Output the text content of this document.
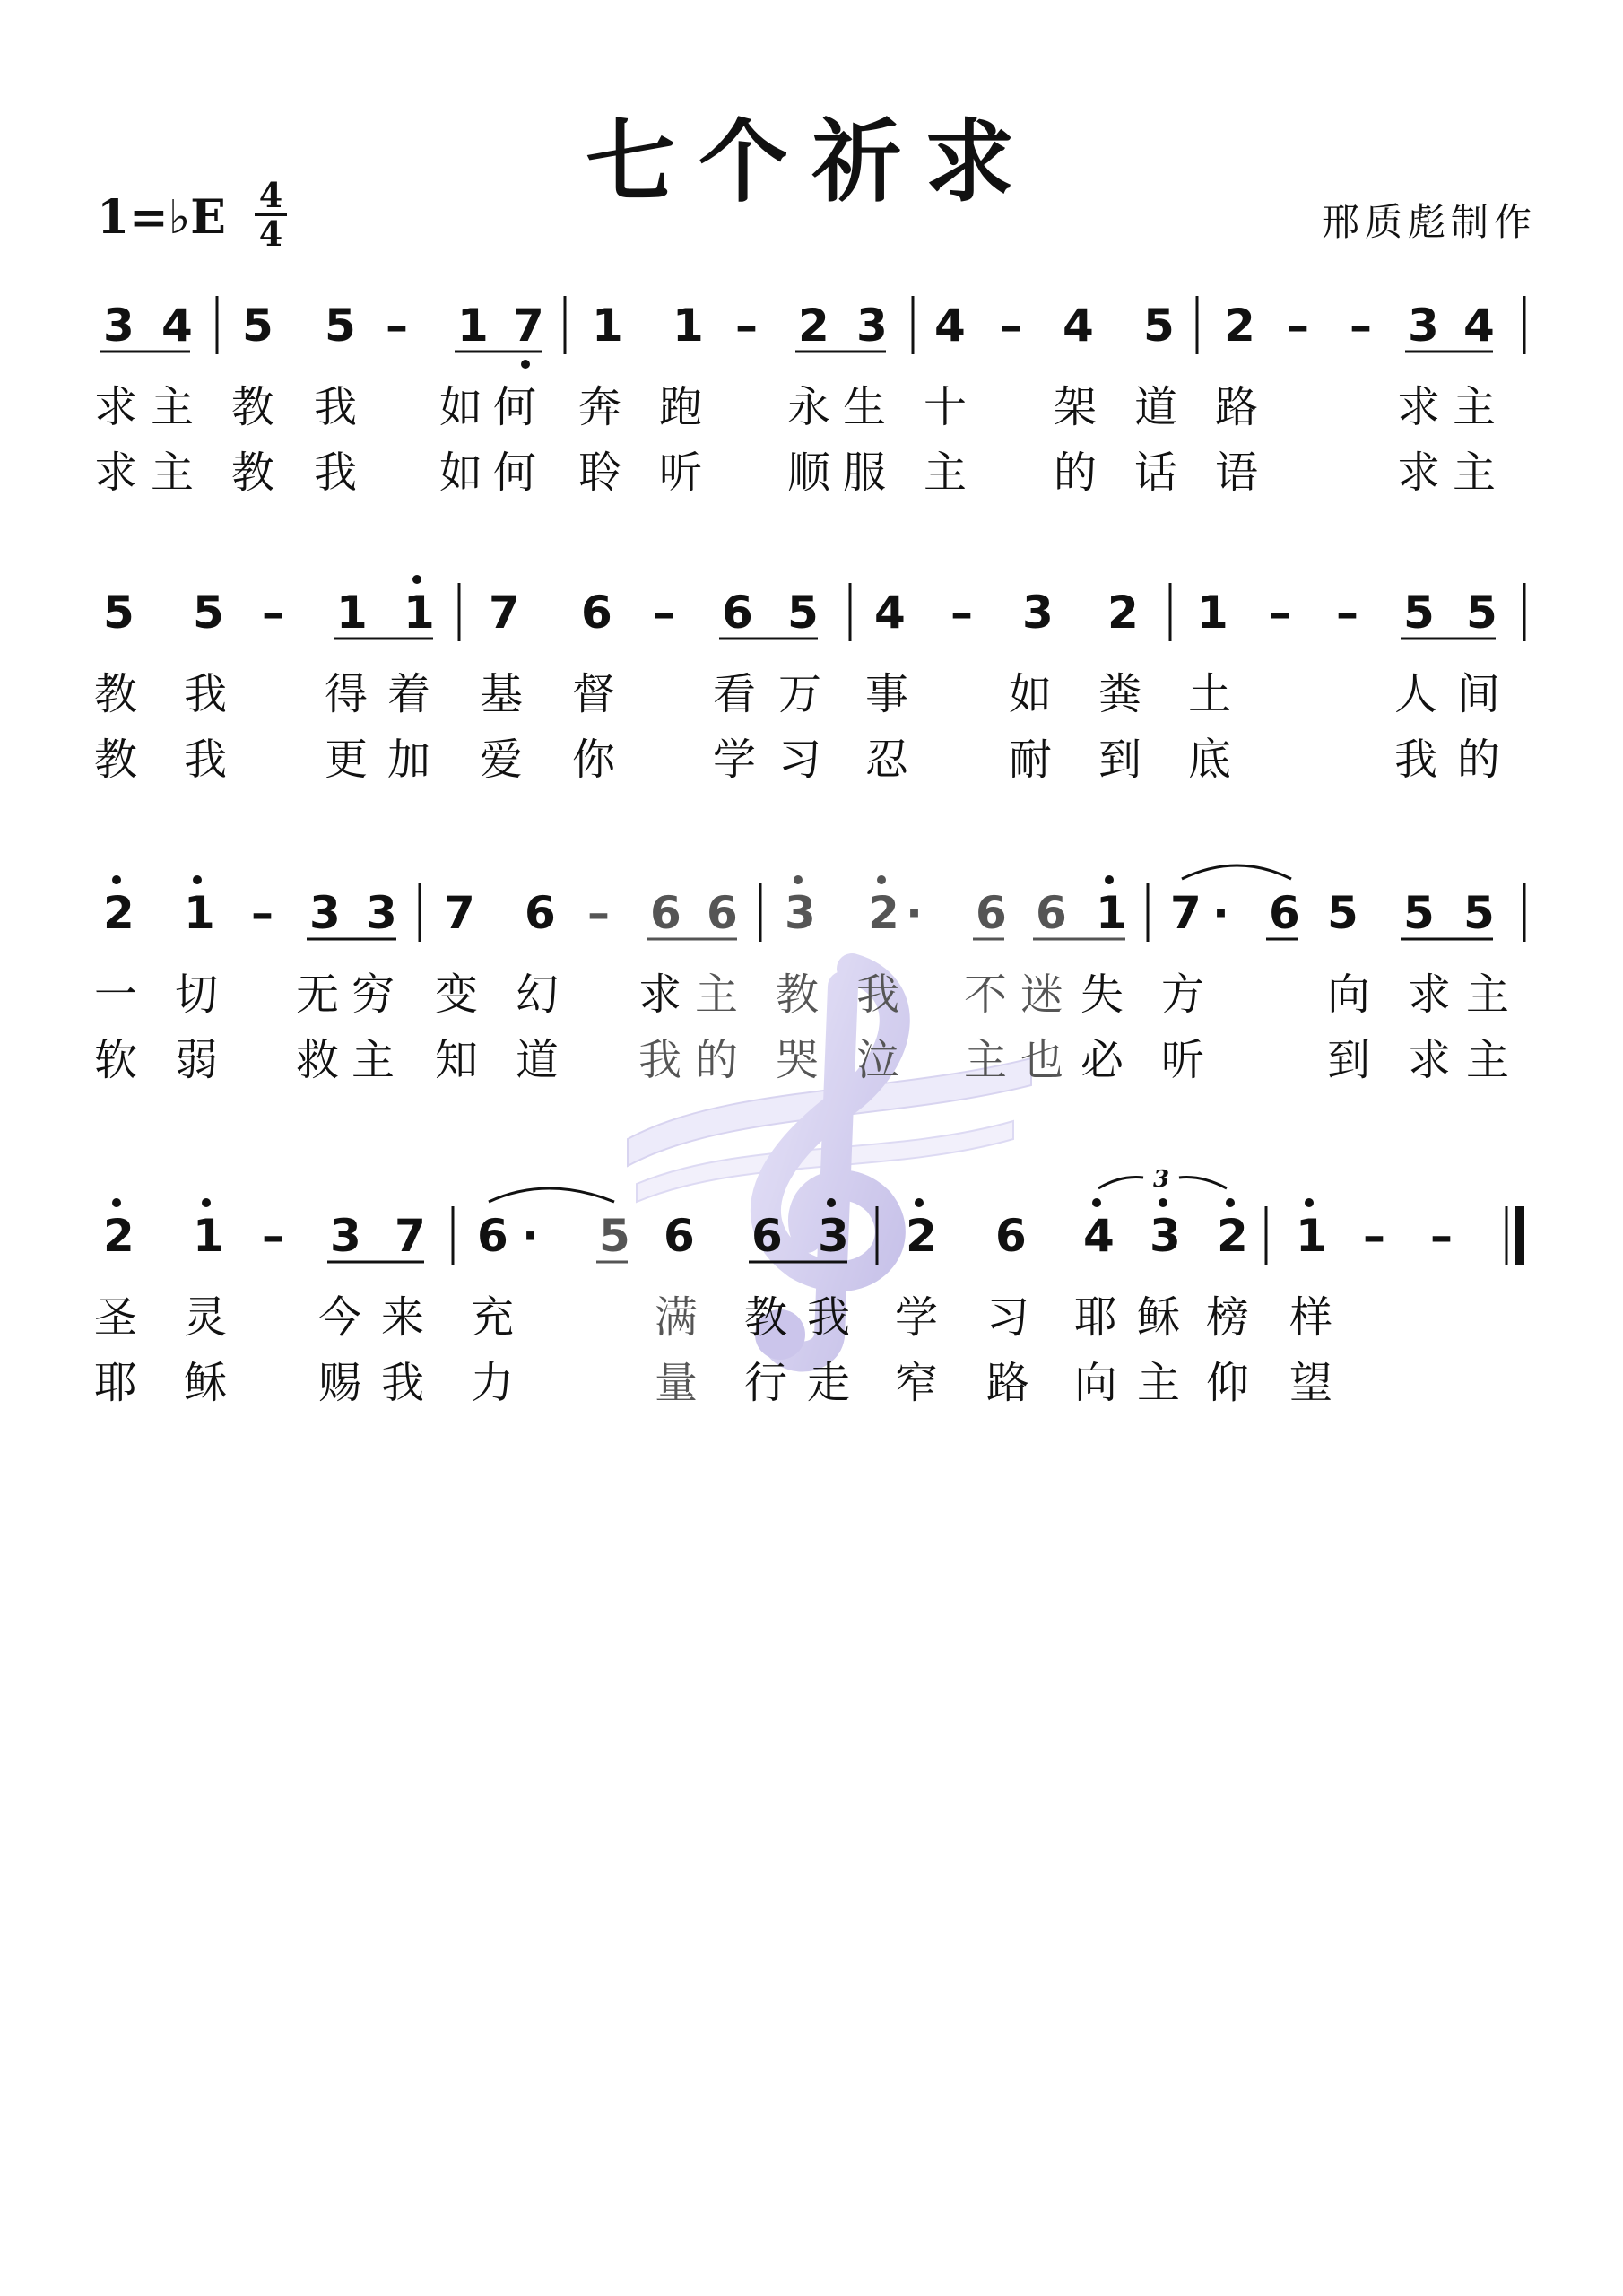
七个祈求
1=♭E 4
4	邢质彪制作
3 4 5 5 – 1 7 1 1 – 2 3 4 – 4 5 2 – – 3 4
求 主 教 我 如 何 奔 跑 永 生 十 架 道 路	求 主
求 主 教 我 如 何 聆 听 顺 服 主 的 话 语	求 主
5 5 – 1 1 7 6 – 6 5 4 – 3 2 1 – – 5 5
教 我 得 着 基 督 看 万 事 如 粪 土	人 间
教 我 更 加 爱 你 学 习 忍 耐 到 底	我 的
2 1 – 3 3 7 6 – 6 6 3 2 · 6 6 1 7 · 6 5 5 5
一 切 无 穷 变 幻 求 主 教 我 不 迷 失 方	向 求 主
软 弱 救 主 知 道 我 的 哭 泣 主 也 必 听	到 求 主
2 1 – 3 7 6 · 5 6 6 3 2 6 4 3 2
3
1 – –
圣 灵 今 来 充	满 教 我 学 习 耶 稣 榜 样
耶 稣 赐 我 力	量 行 走 窄 路 向 主 仰 望
